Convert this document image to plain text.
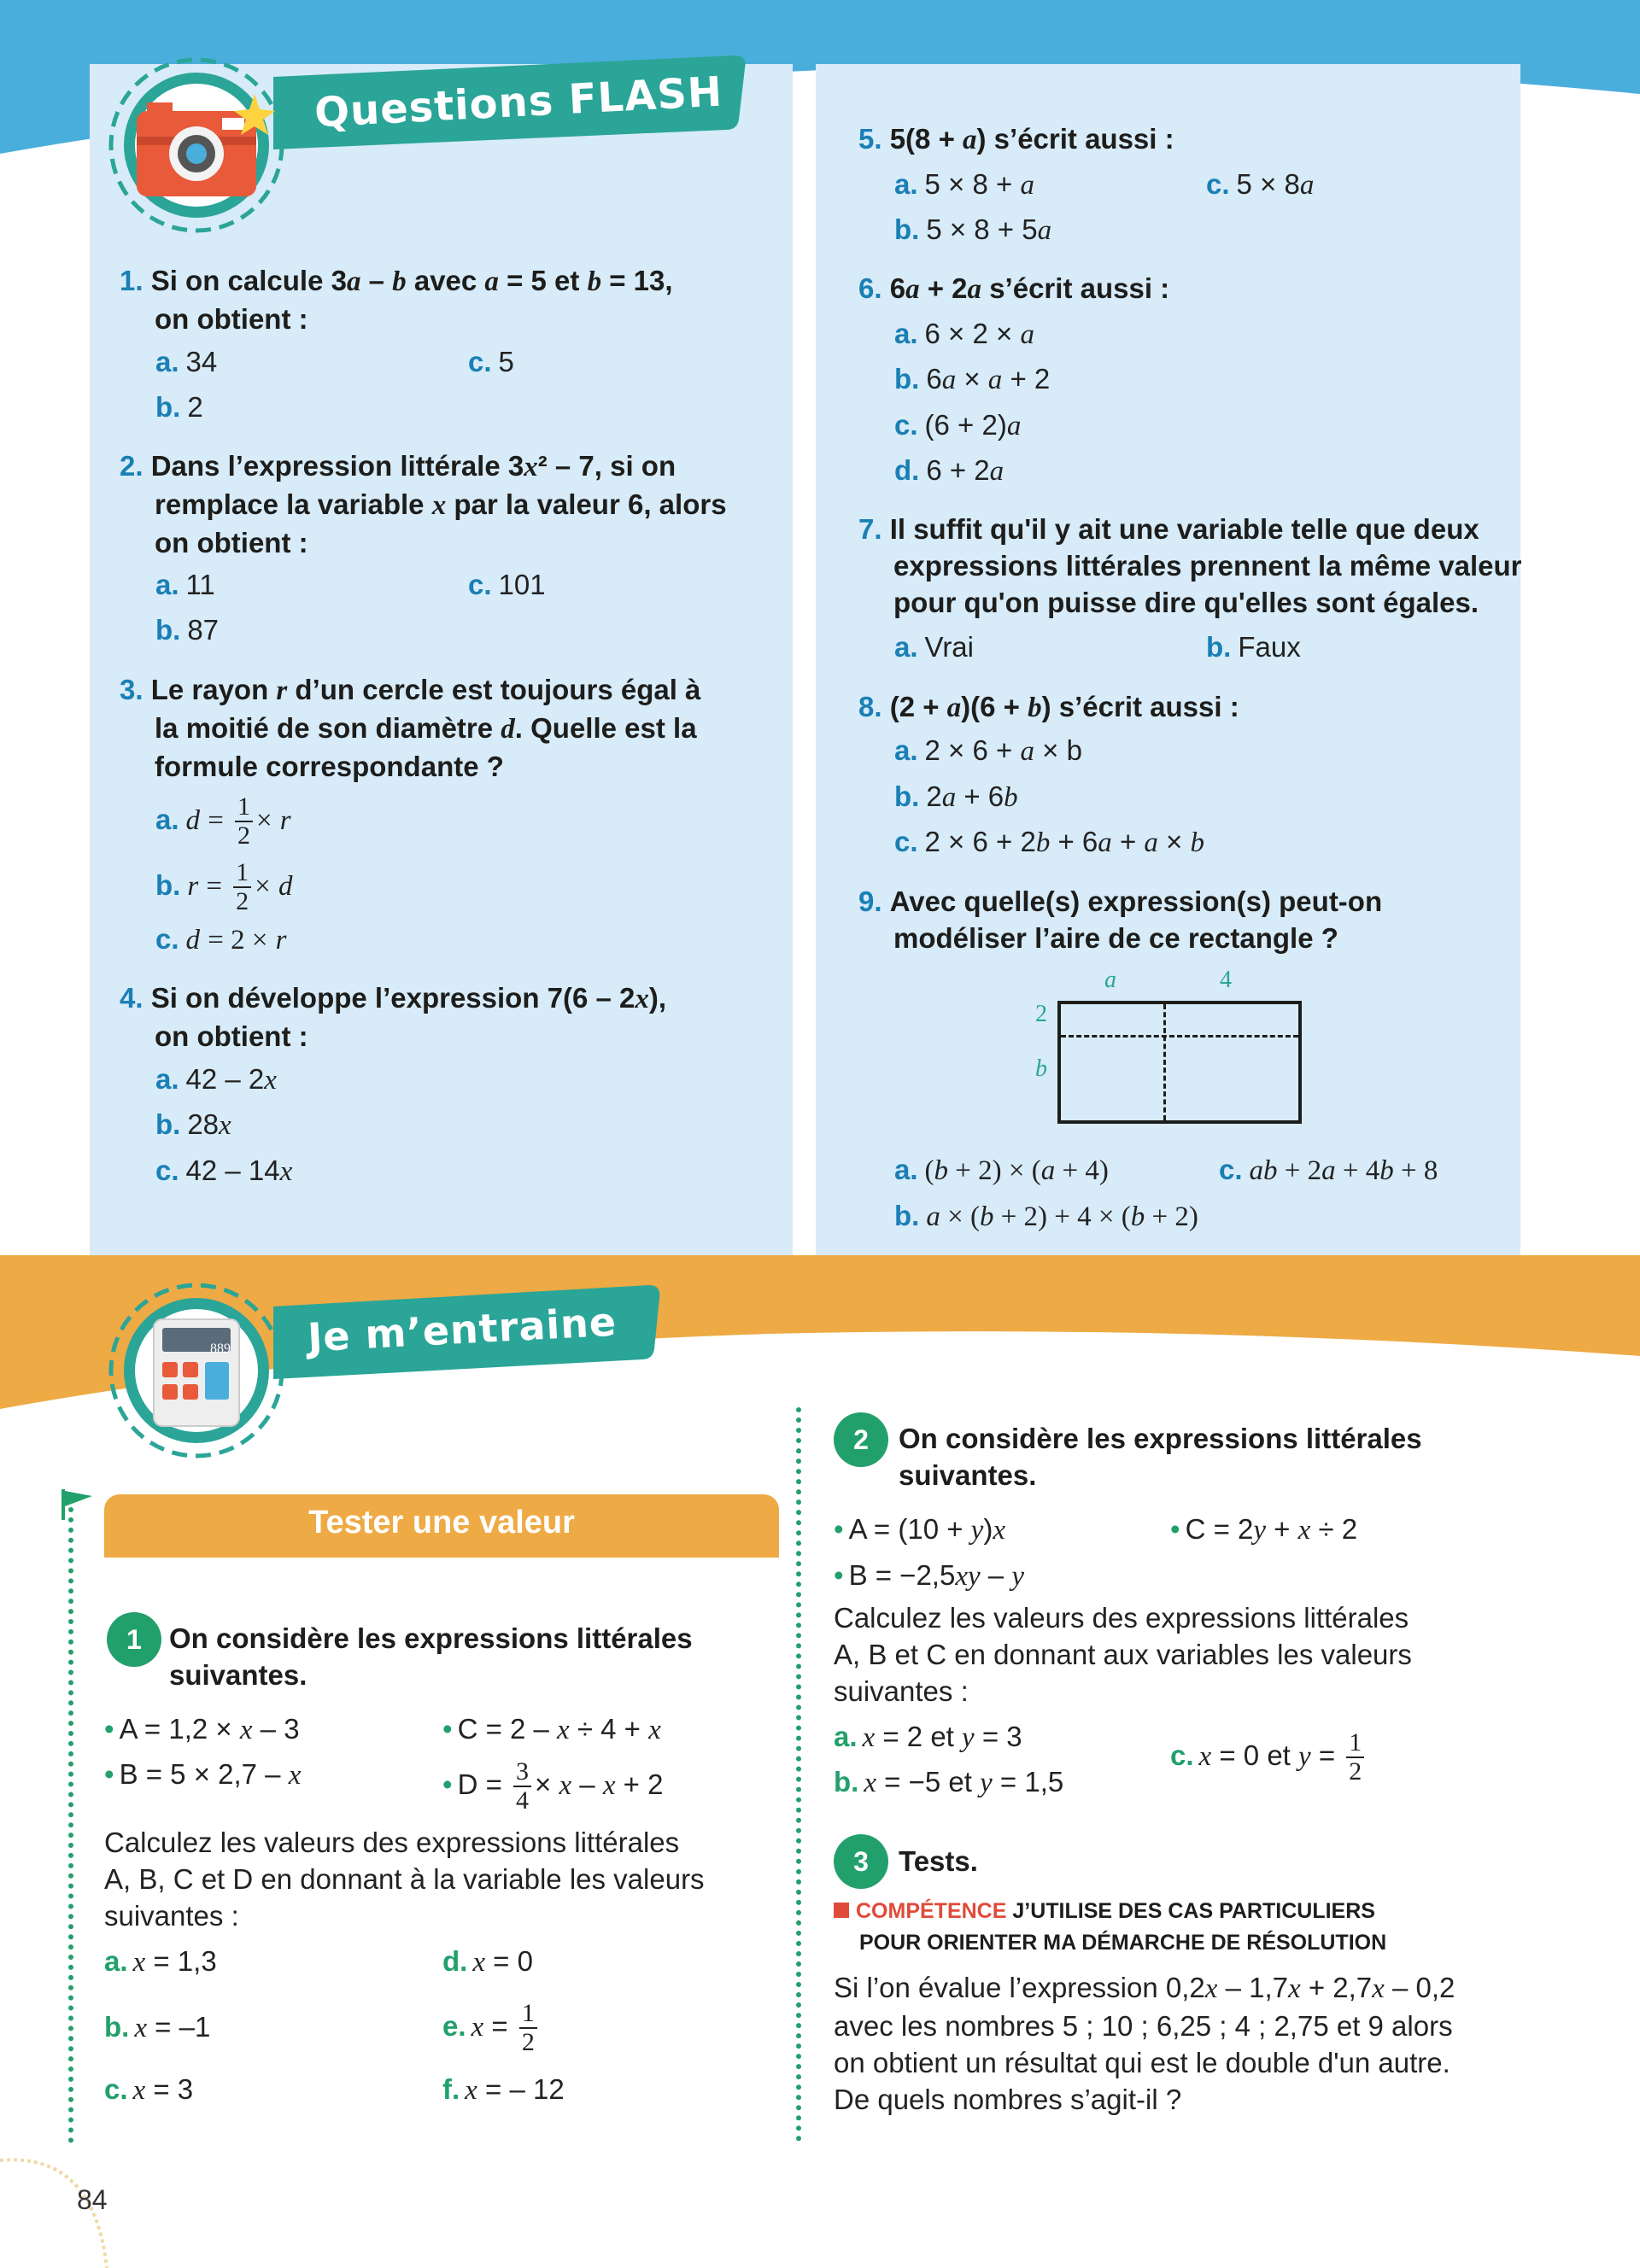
Questions FLASH
1. Si on calcule 3a – b avec a = 5 et b = 13,
on obtient :
a. 34
b. 2
c. 5
2. Dans l’expression littérale 3x² – 7, si on
remplace la variable x par la valeur 6, alors
on obtient :
a. 11
b. 87
c. 101
3. Le rayon r d’un cercle est toujours égal à
la moitié de son diamètre d. Quelle est la
formule correspondante ?
a. $d = \frac{1}{2} \times r$
b. $r = \frac{1}{2} \times d$
c. d = 2 × r
4. Si on développe l’expression 7(6 – 2x),
on obtient :
a. 42 – 2x
b. 28x
c. 42 – 14x
5. 5(8 + a) s’écrit aussi :
a. 5 × 8 + a
b. 5 × 8 + 5a
c. 5 × 8a
6. 6a + 2a s’écrit aussi :
a. 6 × 2 × a
b. 6a × a + 2
c. (6 + 2)a
d. 6 + 2a
7. Il suffit qu'il y ait une variable telle que deux
expressions littérales prennent la même valeur
pour qu'on puisse dire qu'elles sont égales.
a. Vrai	b. Faux
8. (2 + a)(6 + b) s’écrit aussi :
a. 2 × 6 + a × b
b. 2a + 6b
c. 2 × 6 + 2b + 6a + a × b
9. Avec quelle(s) expression(s) peut-on
modéliser l’aire de ce rectangle ?
a	4
2
b
a. (b + 2) × (a + 4)
b. a × (b + 2) + 4 × (b + 2)
c. ab + 2a + 4b + 8
Je m’entraine
889
Tester une valeur
1 On considère les expressions littérales
suivantes.
• A = 1,2 × x – 3
• B = 5 × 2,7 – x
• C = 2 – x ÷ 4 + x
• $D = \frac{3}{4} \times x - x + 2$
Calculez les valeurs des expressions littérales
A, B, C et D en donnant à la variable les valeurs
suivantes :
a. x = 1,3
b. x = –1
c. x = 3
d. x = 0
e. $x = \frac{1}{2}$
f. x = – 12
2	On considère les expressions littérales
suivantes.
• A = (10 + y)x
• B = −2,5xy – y
• C = 2y + x ÷ 2
Calculez les valeurs des expressions littérales
A, B et C en donnant aux variables les valeurs
suivantes :
a. x = 2 et y = 3
b. x = −5 et y = 1,5
c. x = 0 et $y = \frac{1}{2}$
3	Tests.
COMPÉTENCE J’UTILISE DES CAS PARTICULIERS
POUR ORIENTER MA DÉMARCHE DE RÉSOLUTION
Si l’on évalue l’expression 0,2x – 1,7x + 2,7x – 0,2
avec les nombres 5 ; 10 ; 6,25 ; 4 ; 2,75 et 9 alors
on obtient un résultat qui est le double d'un autre.
De quels nombres s’agit-il ?
84
